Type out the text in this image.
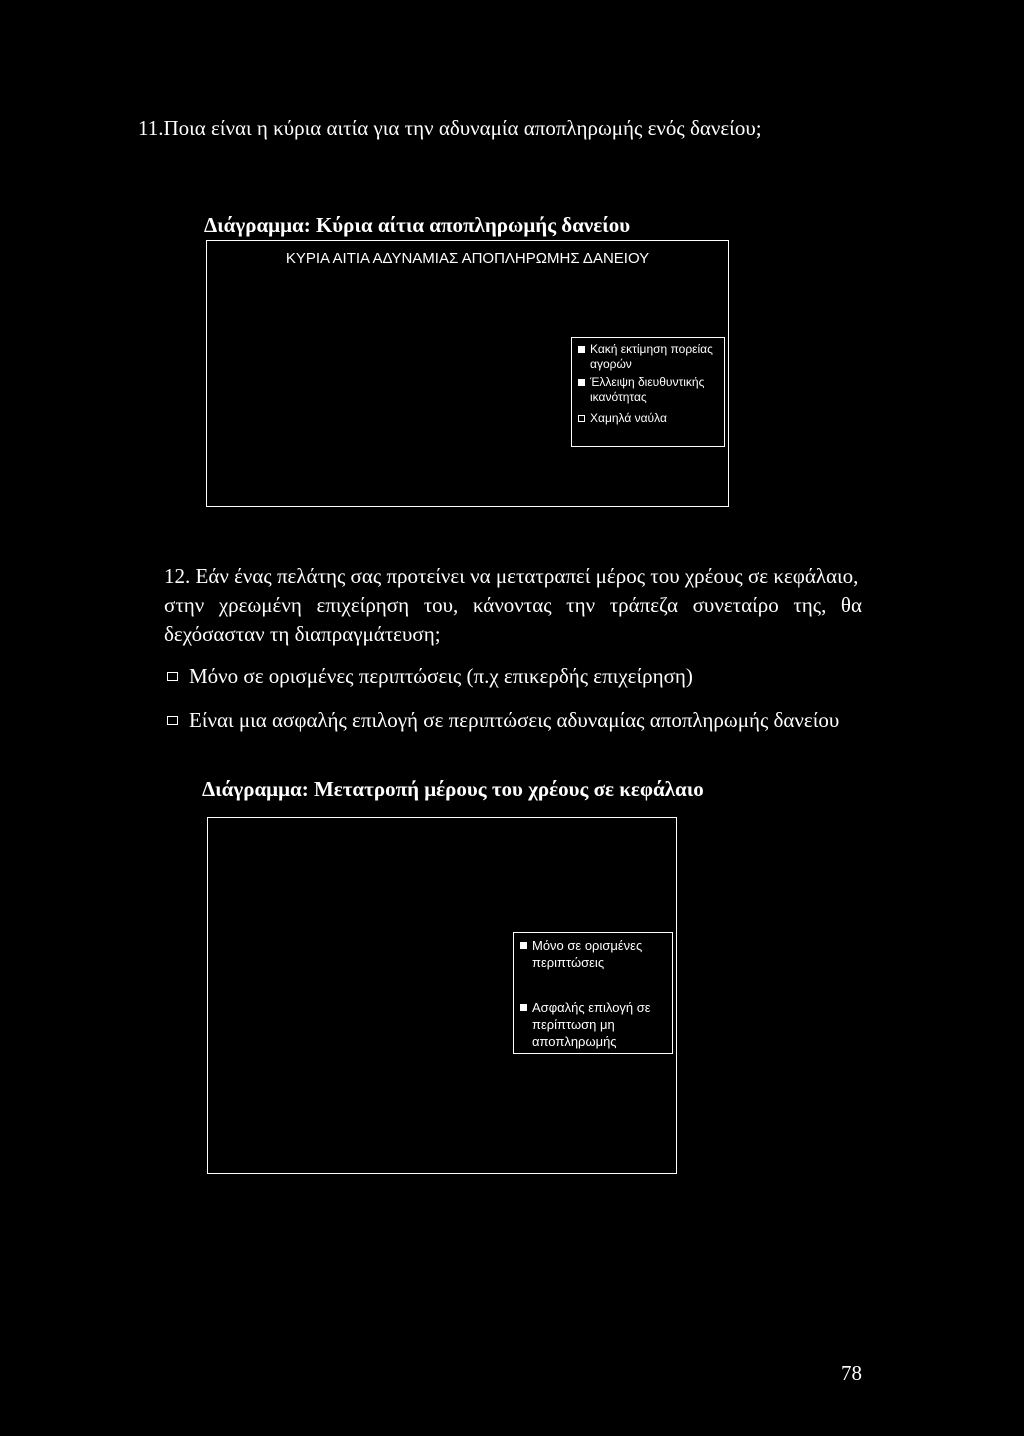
11.Ποια είναι η κύρια αιτία για την αδυναμία αποπληρωμής ενός δανείου;
Διάγραμμα: Κύρια αίτια αποπληρωμής δανείου
ΚΥΡΙΑ ΑΙΤΙΑ ΑΔΥΝΑΜΙΑΣ ΑΠΟΠΛΗΡΩΜΗΣ ΔΑΝΕΙΟΥ
Κακή εκτίμηση πορείας
αγορών
Έλλειψη διευθυντικής
ικανότητας
Χαμηλά ναύλα
12. Εάν ένας πελάτης σας προτείνει να μετατραπεί μέρος του χρέους σε κεφάλαιο,
στην χρεωμένη επιχείρηση του, κάνοντας την τράπεζα συνεταίρο της, θα
δεχόσασταν τη διαπραγμάτευση;
Μόνο σε ορισμένες περιπτώσεις (π.χ επικερδής επιχείρηση)
Είναι μια ασφαλής επιλογή σε περιπτώσεις αδυναμίας αποπληρωμής δανείου
Διάγραμμα: Μετατροπή μέρους του χρέους σε κεφάλαιο
Μόνο σε ορισμένες
περιπτώσεις
Ασφαλής επιλογή σε
περίπτωση μη
αποπληρωμής
78
